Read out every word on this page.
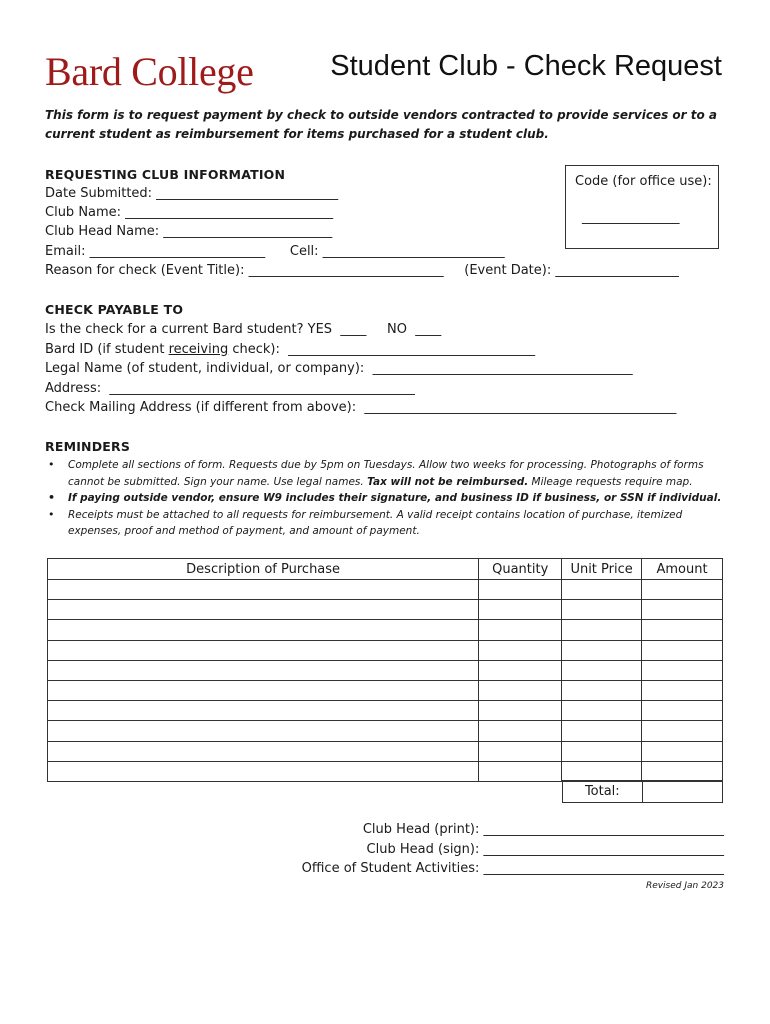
Bard College	Student Club - Check Request
This form is to request payment by check to outside vendors contracted to provide services or to a current student as reimbursement for items purchased for a student club.
REQUESTING CLUB INFORMATION
Date Submitted: ____________________________
Club Name: ________________________________
Club Head Name: __________________________
Email: ___________________________      Cell: ____________________________
Reason for check (Event Title): ______________________________     (Event Date): ___________________
Code (for office use):
_______________
CHECK PAYABLE TO
Is the check for a current Bard student? YES  ____     NO  ____
Bard ID (if student receiving check):  ______________________________________
Legal Name (of student, individual, or company):  ________________________________________
Address:  _______________________________________________
Check Mailing Address (if different from above):  ________________________________________________
REMINDERS
• Complete all sections of form. Requests due by 5pm on Tuesdays. Allow two weeks for processing. Photographs of forms cannot be submitted. Sign your name. Use legal names. Tax will not be reimbursed. Mileage requests require map.
• If paying outside vendor, ensure W9 includes their signature, and business ID if business, or SSN if individual.
• Receipts must be attached to all requests for reimbursement. A valid receipt contains location of purchase, itemized expenses, proof and method of payment, and amount of payment.
Description of Purchase	Quantity	Unit Price	Amount

Total:	
Club Head (print): _____________________________________
Club Head (sign): _____________________________________
Office of Student Activities: _____________________________________
Revised Jan 2023
